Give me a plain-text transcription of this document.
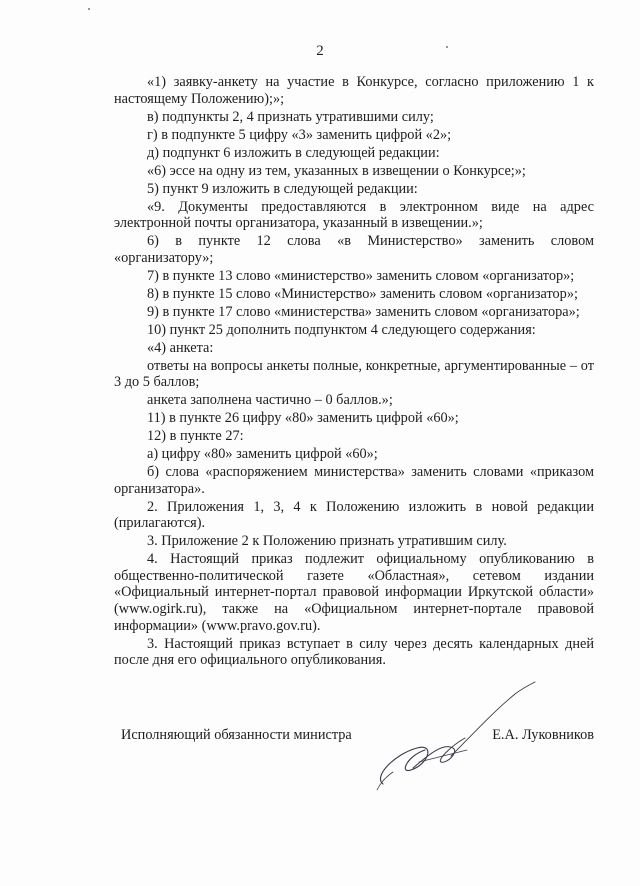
2

«1) заявку-анкету на участие в Конкурсе, согласно приложению 1 к настоящему Положению);»;

в) подпункты 2, 4 признать утратившими силу;

г) в подпункте 5 цифру «3» заменить цифрой «2»;

д) подпункт 6 изложить в следующей редакции:

«6) эссе на одну из тем, указанных в извещении о Конкурсе;»;

5) пункт 9 изложить в следующей редакции:

«9. Документы предоставляются в электронном виде на адрес электронной почты организатора, указанный в извещении.»;

6) в пункте 12 слова «в Министерство» заменить словом «организатору»;

7) в пункте 13 слово «министерство» заменить словом «организатор»;

8) в пункте 15 слово «Министерство» заменить словом «организатор»;

9) в пункте 17 слово «министерства» заменить словом «организатора»;

10) пункт 25 дополнить подпунктом 4 следующего содержания:

«4) анкета:

ответы на вопросы анкеты полные, конкретные, аргументированные – от 3 до 5 баллов;

анкета заполнена частично – 0 баллов.»;

11) в пункте 26 цифру «80» заменить цифрой «60»;

12) в пункте 27:

а) цифру «80» заменить цифрой «60»;

б) слова «распоряжением министерства» заменить словами «приказом организатора».

2. Приложения 1, 3, 4 к Положению изложить в новой редакции (прилагаются).

3. Приложение 2 к Положению признать утратившим силу.

4. Настоящий приказ подлежит официальному опубликованию в общественно-политической газете «Областная», сетевом издании «Официальный интернет-портал правовой информации Иркутской области» (www.ogirk.ru), также на «Официальном интернет-портале правовой информации» (www.pravo.gov.ru).

3. Настоящий приказ вступает в силу через десять календарных дней после дня его официального опубликования.

Исполняющий обязанности министра	Е.А. Луковников
